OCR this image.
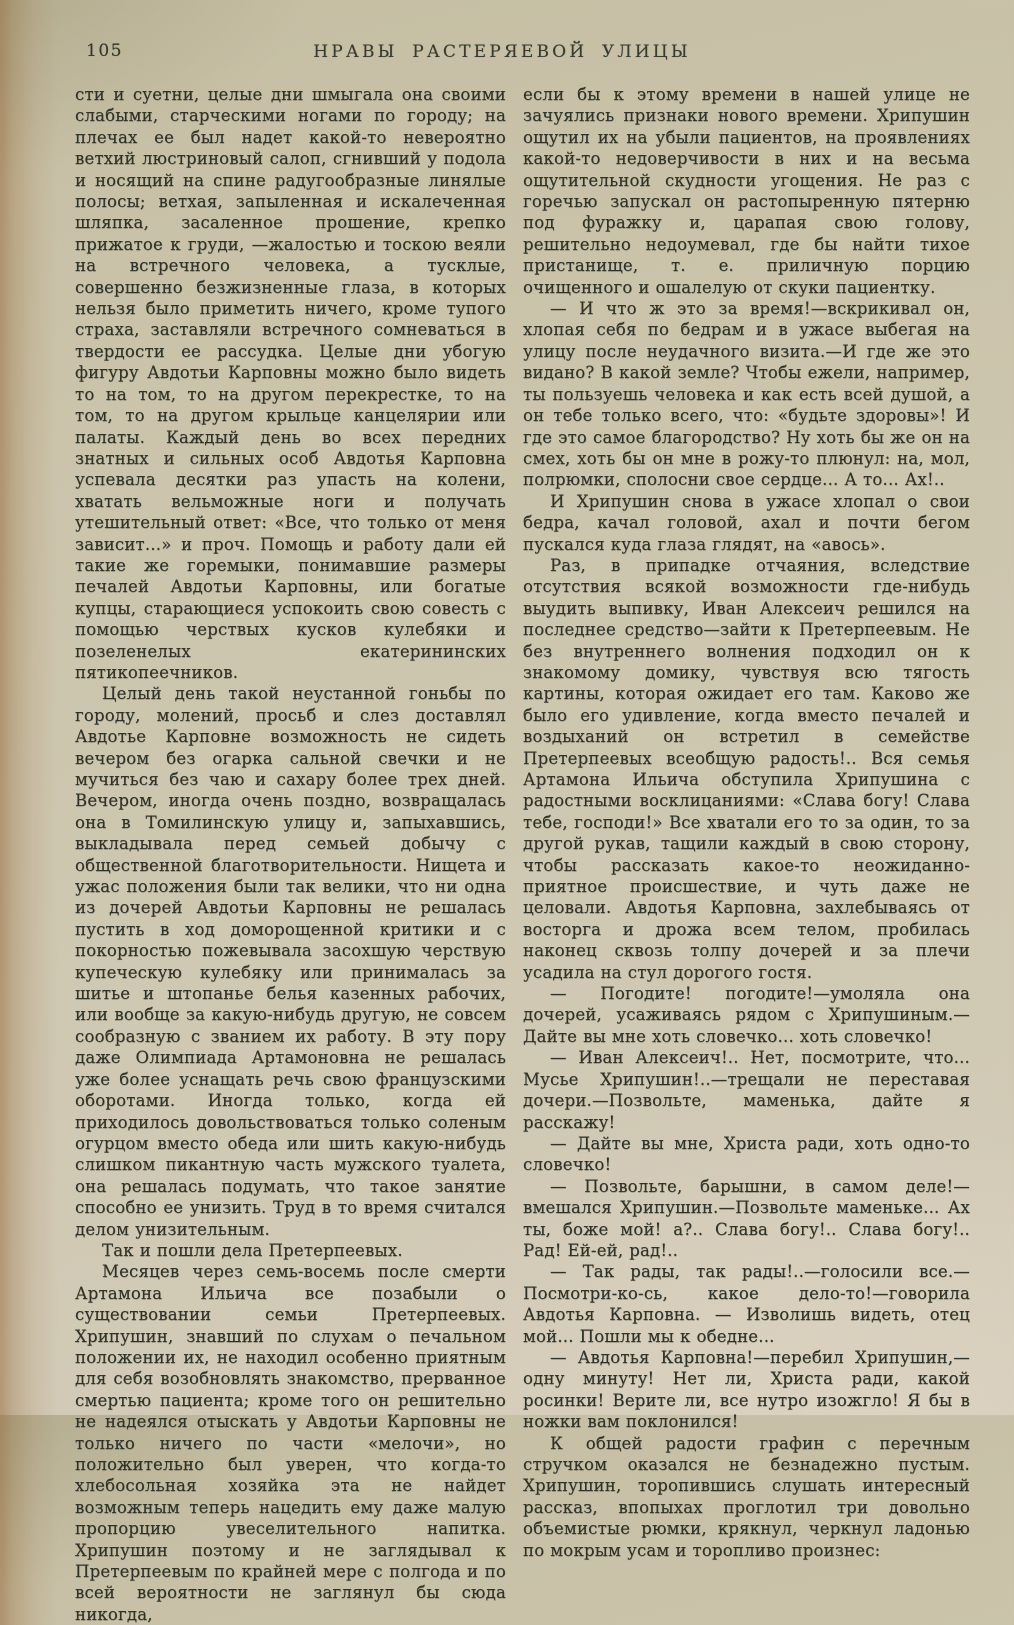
105	НРАВЫ РАСТЕРЯЕВОЙ УЛИЦЫ

сти и суетни, целые дни шмыгала она своими слабыми, старческими ногами по городу; на плечах ее был надет какой-то невероятно ветхий люстриновый салоп, сгнивший у подола и носящий на спине радугообразные линялые полосы; ветхая, запыленная и искалеченная шляпка, засаленное прошение, крепко прижатое к груди, —жалостью и тоскою веяли на встречного человека, а тусклые, совершенно безжизненные глаза, в которых нельзя было приметить ничего, кроме тупого страха, заставляли встречного сомневаться в твердости ее рассудка. Целые дни убогую фигуру Авдотьи Карповны можно было видеть то на том, то на другом перекрестке, то на том, то на другом крыльце канцелярии или палаты. Каждый день во всех передних знатных и сильных особ Авдотья Карповна успевала десятки раз упасть на колени, хватать вельможные ноги и получать утешительный ответ: «Все, что только от меня зависит...» и проч. Помощь и работу дали ей такие же горемыки, понимавшие размеры печалей Авдотьи Карповны, или богатые купцы, старающиеся успокоить свою совесть с помощью черствых кусков кулебяки и позеленелых екатерининских пятикопеечников.

Целый день такой неустанной гоньбы по городу, молений, просьб и слез доставлял Авдотье Карповне возможность не сидеть вечером без огарка сальной свечки и не мучиться без чаю и сахару более трех дней. Вечером, иногда очень поздно, возвращалась она в Томилинскую улицу и, запыхавшись, выкладывала перед семьей добычу с общественной благотворительности. Нищета и ужас положения были так велики, что ни одна из дочерей Авдотьи Карповны не решалась пустить в ход доморощенной критики и с покорностью пожевывала засохшую черствую купеческую кулебяку или принималась за шитье и штопанье белья казенных рабочих, или вообще за какую-нибудь другую, не совсем сообразную с званием их работу. В эту пору даже Олимпиада Артамоновна не решалась уже более уснащать речь свою французскими оборотами. Иногда только, когда ей приходилось довольствоваться только соленым огурцом вместо обеда или шить какую-нибудь слишком пикантную часть мужского туалета, она решалась подумать, что такое занятие способно ее унизить. Труд в то время считался делом унизительным.

Так и пошли дела Претерпеевых.

Месяцев через семь-восемь после смерти Артамона Ильича все позабыли о существовании семьи Претерпеевых. Хрипушин, знавший по слухам о печальном положении их, не находил особенно приятным для себя возобновлять знакомство, прерванное смертью пациента; кроме того он решительно не надеялся отыскать у Авдотьи Карповны не только ничего по части «мелочи», но положительно был уверен, что когда-то хлебосольная хозяйка эта не найдет возможным теперь нацедить ему даже малую пропорцию увеселительного напитка. Хрипушин поэтому и не заглядывал к Претерпеевым по крайней мере с полгода и по всей вероятности не заглянул бы сюда никогда,

если бы к этому времени в нашей улице не зачуялись признаки нового времени. Хрипушин ощутил их на убыли пациентов, на проявлениях какой-то недоверчивости в них и на весьма ощутительной скудности угощения. Не раз с горечью запускал он растопыренную пятерню под фуражку и, царапая свою голову, решительно недоумевал, где бы найти тихое пристанище, т. е. приличную порцию очищенного и ошалелую от скуки пациентку.

— И что ж это за время!—вскрикивал он, хлопая себя по бедрам и в ужасе выбегая на улицу после неудачного визита.—И где же это видано? В какой земле? Чтобы ежели, например, ты пользуешь человека и как есть всей душой, а он тебе только всего, что: «будьте здоровы»! И где это самое благородство? Ну хоть бы же он на смех, хоть бы он мне в рожу-то плюнул: на, мол, полрюмки, сполосни свое сердце... А то... Ах!..

И Хрипушин снова в ужасе хлопал о свои бедра, качал головой, ахал и почти бегом пускался куда глаза глядят, на «авось».

Раз, в припадке отчаяния, вследствие отсутствия всякой возможности где-нибудь выудить выпивку, Иван Алексеич решился на последнее средство—зайти к Претерпеевым. Не без внутреннего волнения подходил он к знакомому домику, чувствуя всю тягость картины, которая ожидает его там. Каково же было его удивление, когда вместо печалей и воздыханий он встретил в семействе Претерпеевых всеобщую радость!.. Вся семья Артамона Ильича обступила Хрипушина с радостными восклицаниями: «Слава богу! Слава тебе, господи!» Все хватали его то за один, то за другой рукав, тащили каждый в свою сторону, чтобы рассказать какое-то неожиданно-приятное происшествие, и чуть даже не целовали. Авдотья Карповна, захлебываясь от восторга и дрожа всем телом, пробилась наконец сквозь толпу дочерей и за плечи усадила на стул дорогого гостя.

— Погодите! погодите!—умоляла она дочерей, усаживаясь рядом с Хрипушиным.— Дайте вы мне хоть словечко... хоть словечко!

— Иван Алексеич!.. Нет, посмотрите, что... Мусье Хрипушин!..—трещали не переставая дочери.—Позвольте, маменька, дайте я расскажу!

— Дайте вы мне, Христа ради, хоть одно-то словечко!

— Позвольте, барышни, в самом деле!— вмешался Хрипушин.—Позвольте маменьке... Ах ты, боже мой! а?.. Слава богу!.. Слава богу!.. Рад! Ей-ей, рад!..

— Так рады, так рады!..—голосили все.— Посмотри-ко-сь, какое дело-то!—говорила Авдотья Карповна. — Изволишь видеть, отец мой... Пошли мы к обедне...

— Авдотья Карповна!—перебил Хрипушин,—одну минуту! Нет ли, Христа ради, какой росинки! Верите ли, все нутро изожгло! Я бы в ножки вам поклонился!

К общей радости графин с перечным стручком оказался не безнадежно пустым. Хрипушин, торопившись слушать интересный рассказ, впопыхах проглотил три довольно объемистые рюмки, крякнул, черкнул ладонью по мокрым усам и торопливо произнес:
